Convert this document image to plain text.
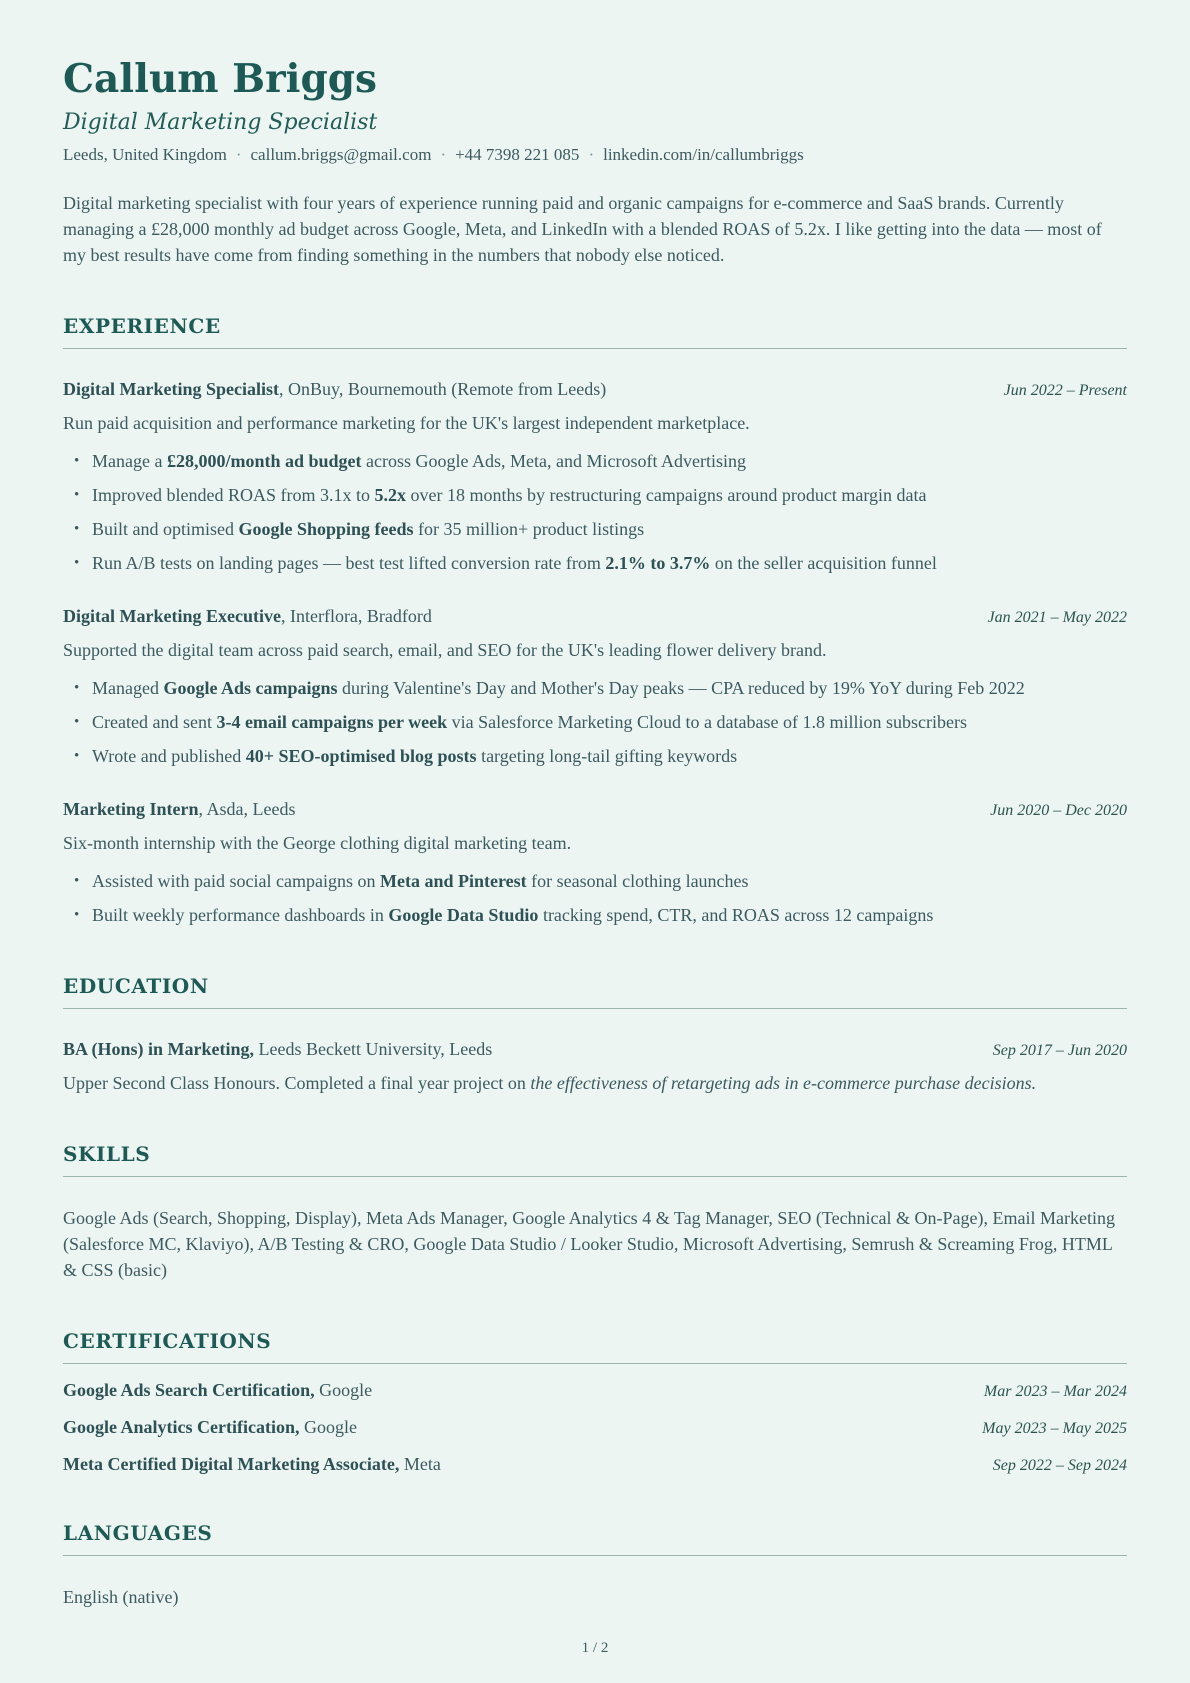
Callum Briggs
Digital Marketing Specialist
Leeds, United Kingdom · callum.briggs@gmail.com · +44 7398 221 085 · linkedin.com/in/callumbriggs

Digital marketing specialist with four years of experience running paid and organic campaigns for e-commerce and SaaS brands. Currently managing a £28,000 monthly ad budget across Google, Meta, and LinkedIn with a blended ROAS of 5.2x. I like getting into the data — most of my best results have come from finding something in the numbers that nobody else noticed.

EXPERIENCE
Digital Marketing Specialist, OnBuy, Bournemouth (Remote from Leeds)	Jun 2022 – Present

Run paid acquisition and performance marketing for the UK's largest independent marketplace.

• Manage a £28,000/month ad budget across Google Ads, Meta, and Microsoft Advertising
• Improved blended ROAS from 3.1x to 5.2x over 18 months by restructuring campaigns around product margin data
• Built and optimised Google Shopping feeds for 35 million+ product listings
• Run A/B tests on landing pages — best test lifted conversion rate from 2.1% to 3.7% on the seller acquisition funnel
Digital Marketing Executive, Interflora, Bradford	Jan 2021 – May 2022

Supported the digital team across paid search, email, and SEO for the UK's leading flower delivery brand.

• Managed Google Ads campaigns during Valentine's Day and Mother's Day peaks — CPA reduced by 19% YoY during Feb 2022
• Created and sent 3-4 email campaigns per week via Salesforce Marketing Cloud to a database of 1.8 million subscribers
• Wrote and published 40+ SEO-optimised blog posts targeting long-tail gifting keywords
Marketing Intern, Asda, Leeds	Jun 2020 – Dec 2020

Six-month internship with the George clothing digital marketing team.

• Assisted with paid social campaigns on Meta and Pinterest for seasonal clothing launches
• Built weekly performance dashboards in Google Data Studio tracking spend, CTR, and ROAS across 12 campaigns
EDUCATION
BA (Hons) in Marketing, Leeds Beckett University, Leeds	Sep 2017 – Jun 2020

Upper Second Class Honours. Completed a final year project on the effectiveness of retargeting ads in e-commerce purchase decisions.

SKILLS

Google Ads (Search, Shopping, Display), Meta Ads Manager, Google Analytics 4 & Tag Manager, SEO (Technical & On-Page), Email Marketing (Salesforce MC, Klaviyo), A/B Testing & CRO, Google Data Studio / Looker Studio, Microsoft Advertising, Semrush & Screaming Frog, HTML & CSS (basic)

CERTIFICATIONS
Google Ads Search Certification, Google	Mar 2023 – Mar 2024
Google Analytics Certification, Google	May 2023 – May 2025
Meta Certified Digital Marketing Associate, Meta	Sep 2022 – Sep 2024
LANGUAGES

English (native)

1 / 2
